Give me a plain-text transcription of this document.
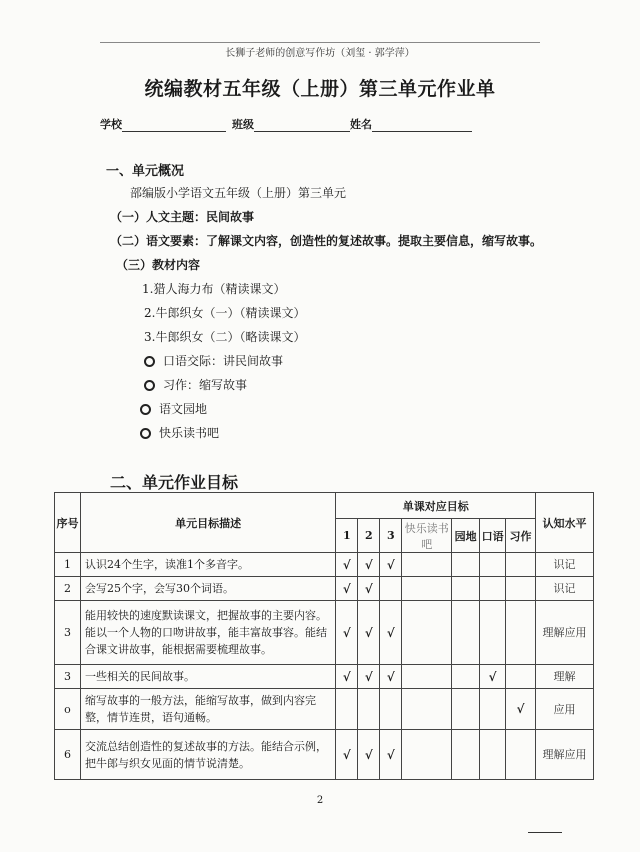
长狮子老师的创意写作坊（刘玺 · 郭学萍）
统编教材五年级（上册）第三单元作业单
学校	班级	姓名
一、单元概况
部编版小学语文五年级（上册）第三单元
（一）人文主题：民间故事
（二）语文要素：了解课文内容，创造性的复述故事。提取主要信息，缩写故事。
（三）教材内容
1.猎人海力布（精读课文）
2.牛郎织女（一）（精读课文）
3.牛郎织女（二）（略读课文）
口语交际：讲民间故事
习作：缩写故事
语文园地
快乐读书吧
二、单元作业目标
序号	单元目标描述	单课对应目标							认知水平
		1	2	3	快乐读书吧	园地	口语	习作	
1	认识24个生字，读准1个多音字。	√	√	√					识记
2	会写25个字，会写30个词语。	√	√						识记
3	能用较快的速度默读课文，把握故事的主要内容。能以一个人物的口吻讲故事，能丰富故事容。能结合课文讲故事，能根据需要梳理故事。	√	√	√					理解应用
3	一些相关的民间故事。	√	√	√			√		理解
o	缩写故事的一般方法，能缩写故事，做到内容完整，情节连贯，语句通畅。							√	应用
6	交流总结创造性的复述故事的方法。能结合示例，把牛郎与织女见面的情节说清楚。	√	√	√					理解应用
2
